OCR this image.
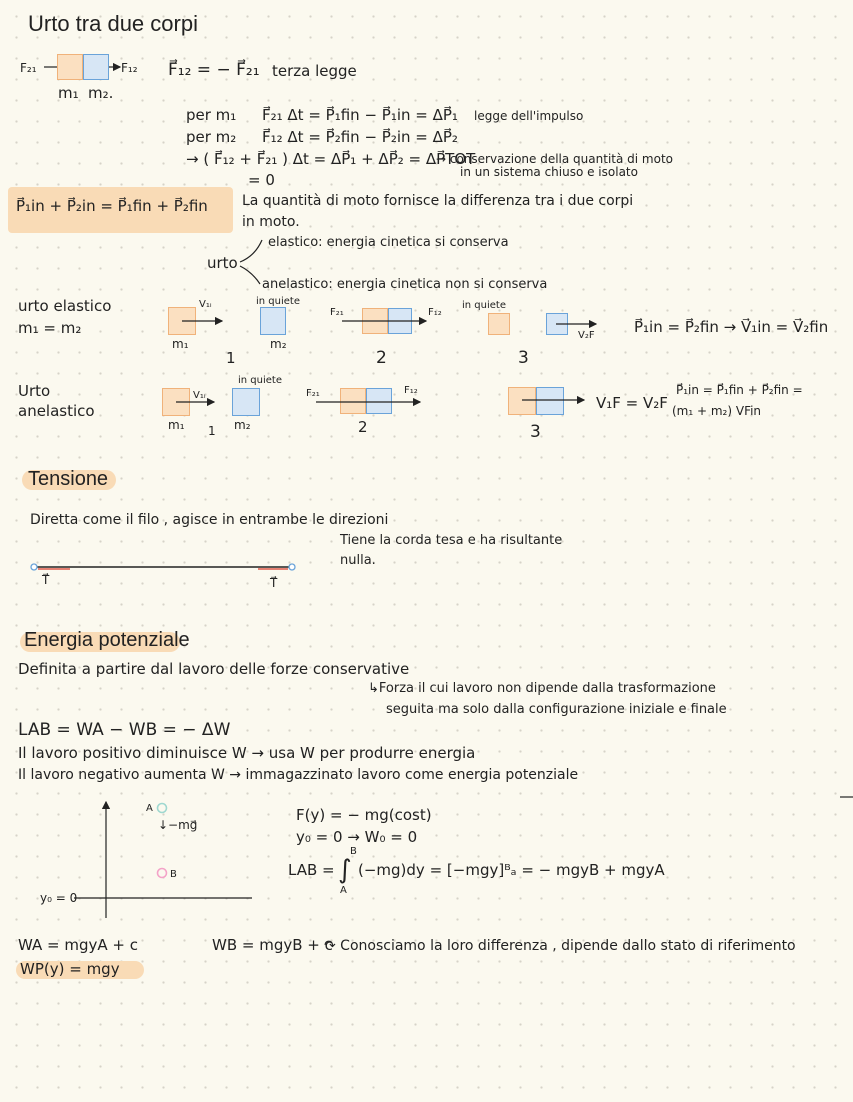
Urto tra due corpi
F₂₁	F₁₂
m₁ m₂.
F⃗₁₂ = − F⃗₂₁ terza legge
per m₁ F⃗₂₁ Δt = P⃗₁fin − P⃗₁in = ΔP⃗₁ legge dell'impulso
per m₂ F⃗₁₂ Δt = P⃗₂fin − P⃗₂in = ΔP⃗₂
→ ( F⃗₁₂ + F⃗₂₁ ) Δt = ΔP⃗₁ + ΔP⃗₂ = ΔP⃗TOT
= 0
→ conservazione della quantità di moto
in un sistema chiuso e isolato
P⃗₁in + P⃗₂in = P⃗₁fin + P⃗₂fin La quantità di moto fornisce la differenza tra i due corpi
in moto.
urto
elastico: energia cinetica si conserva
anelastico: energia cinetica non si conserva
urto elastico
m₁ = m₂
V₁ᵢ
m₁
in quiete
m₂
1
F₂₁	F₁₂
2
in quiete
V₂F
3
P⃗₁in = P⃗₂fin → V⃗₁in = V⃗₂fin
Urto
anelastico
V₁ᵢ
m₁ 1
in quiete
m₂
F₂₁	F₁₂
2
V₁F = V₂F
3
P⃗₁in = P⃗₁fin + P⃗₂fin =
(m₁ + m₂) VFin
Tensione
Diretta come il filo , agisce in entrambe le direzioni
Tiene la corda tesa e ha risultante
nulla.
T⃗	T⃗
Energia potenziale
Definita a partire dal lavoro delle forze conservative
↳Forza il cui lavoro non dipende dalla trasformazione
seguita ma solo dalla configurazione iniziale e finale
LAB = WA − WB = − ΔW
Il lavoro positivo diminuisce W → usa W per produrre energia
Il lavoro negativo aumenta W → immagazzinato lavoro come energia potenziale
A
↓−mg⃗
B
y₀ = 0
F(y) = − mg(cost)
y₀ = 0 → W₀ = 0
LAB =
B
A
∫ (−mg)dy = [−mgy]ᴮₐ = − mgyB + mgyA
WA = mgyA + c	WB = mgyB + c
↷ Conosciamo la loro differenza , dipende dallo stato di riferimento
WP(y) = mgy
